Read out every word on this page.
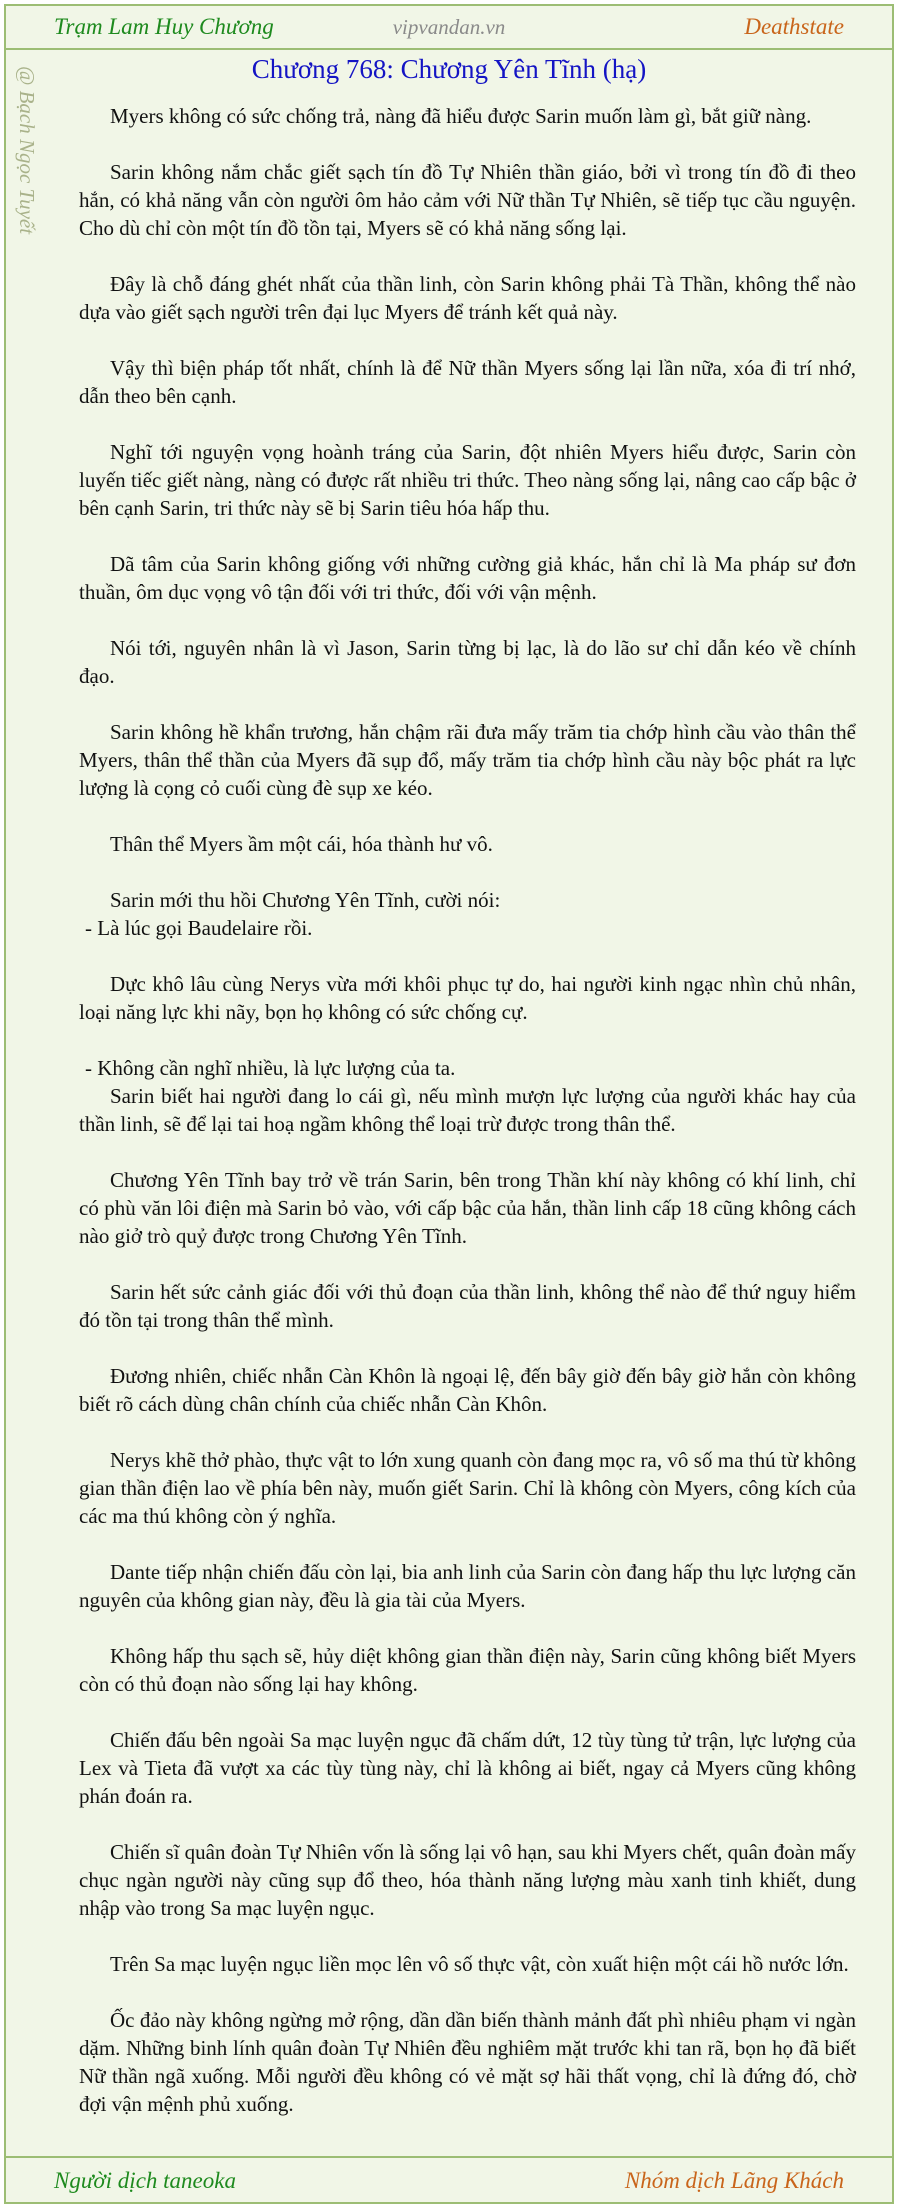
Trạm Lam Huy Chương	vipvandan.vn	Deathstate
Chương 768: Chương Yên Tĩnh (hạ)
@ Bạch Ngọc Tuyết	Myers không có sức chống trả, nàng đã hiểu được Sarin muốn làm gì, bắt giữ nàng.

Sarin không nắm chắc giết sạch tín đồ Tự Nhiên thần giáo, bởi vì trong tín đồ đi theo hắn, có khả năng vẫn còn người ôm hảo cảm với Nữ thần Tự Nhiên, sẽ tiếp tục cầu nguyện. Cho dù chỉ còn một tín đồ tồn tại, Myers sẽ có khả năng sống lại.

Đây là chỗ đáng ghét nhất của thần linh, còn Sarin không phải Tà Thần, không thể nào dựa vào giết sạch người trên đại lục Myers để tránh kết quả này.

Vậy thì biện pháp tốt nhất, chính là để Nữ thần Myers sống lại lần nữa, xóa đi trí nhớ, dẫn theo bên cạnh.

Nghĩ tới nguyện vọng hoành tráng của Sarin, đột nhiên Myers hiểu được, Sarin còn luyến tiếc giết nàng, nàng có được rất nhiều tri thức. Theo nàng sống lại, nâng cao cấp bậc ở bên cạnh Sarin, tri thức này sẽ bị Sarin tiêu hóa hấp thu.

Dã tâm của Sarin không giống với những cường giả khác, hắn chỉ là Ma pháp sư đơn thuần, ôm dục vọng vô tận đối với tri thức, đối với vận mệnh.

Nói tới, nguyên nhân là vì Jason, Sarin từng bị lạc, là do lão sư chỉ dẫn kéo về chính đạo.

Sarin không hề khẩn trương, hắn chậm rãi đưa mấy trăm tia chớp hình cầu vào thân thể Myers, thân thể thần của Myers đã sụp đổ, mấy trăm tia chớp hình cầu này bộc phát ra lực lượng là cọng cỏ cuối cùng đè sụp xe kéo.

Thân thể Myers ầm một cái, hóa thành hư vô.

Sarin mới thu hồi Chương Yên Tĩnh, cười nói:

- Là lúc gọi Baudelaire rồi.

Dực khô lâu cùng Nerys vừa mới khôi phục tự do, hai người kinh ngạc nhìn chủ nhân, loại năng lực khi nãy, bọn họ không có sức chống cự.

- Không cần nghĩ nhiều, là lực lượng của ta.
Sarin biết hai người đang lo cái gì, nếu mình mượn lực lượng của người khác hay của thần linh, sẽ để lại tai hoạ ngầm không thể loại trừ được trong thân thể.

Chương Yên Tĩnh bay trở về trán Sarin, bên trong Thần khí này không có khí linh, chỉ có phù văn lôi điện mà Sarin bỏ vào, với cấp bậc của hắn, thần linh cấp 18 cũng không cách nào giở trò quỷ được trong Chương Yên Tĩnh.

Sarin hết sức cảnh giác đối với thủ đoạn của thần linh, không thể nào để thứ nguy hiểm đó tồn tại trong thân thể mình.

Đương nhiên, chiếc nhẫn Càn Khôn là ngoại lệ, đến bây giờ đến bây giờ hắn còn không biết rõ cách dùng chân chính của chiếc nhẫn Càn Khôn.

Nerys khẽ thở phào, thực vật to lớn xung quanh còn đang mọc ra, vô số ma thú từ không gian thần điện lao về phía bên này, muốn giết Sarin. Chỉ là không còn Myers, công kích của các ma thú không còn ý nghĩa.

Dante tiếp nhận chiến đấu còn lại, bia anh linh của Sarin còn đang hấp thu lực lượng căn nguyên của không gian này, đều là gia tài của Myers.

Không hấp thu sạch sẽ, hủy diệt không gian thần điện này, Sarin cũng không biết Myers còn có thủ đoạn nào sống lại hay không.

Chiến đấu bên ngoài Sa mạc luyện ngục đã chấm dứt, 12 tùy tùng tử trận, lực lượng của Lex và Tieta đã vượt xa các tùy tùng này, chỉ là không ai biết, ngay cả Myers cũng không phán đoán ra.

Chiến sĩ quân đoàn Tự Nhiên vốn là sống lại vô hạn, sau khi Myers chết, quân đoàn mấy chục ngàn người này cũng sụp đổ theo, hóa thành năng lượng màu xanh tinh khiết, dung nhập vào trong Sa mạc luyện ngục.

Trên Sa mạc luyện ngục liền mọc lên vô số thực vật, còn xuất hiện một cái hồ nước lớn.

Ốc đảo này không ngừng mở rộng, dần dần biến thành mảnh đất phì nhiêu phạm vi ngàn dặm. Những binh lính quân đoàn Tự Nhiên đều nghiêm mặt trước khi tan rã, bọn họ đã biết Nữ thần ngã xuống. Mỗi người đều không có vẻ mặt sợ hãi thất vọng, chỉ là đứng đó, chờ đợi vận mệnh phủ xuống.

Người dịch taneoka	Nhóm dịch Lãng Khách
